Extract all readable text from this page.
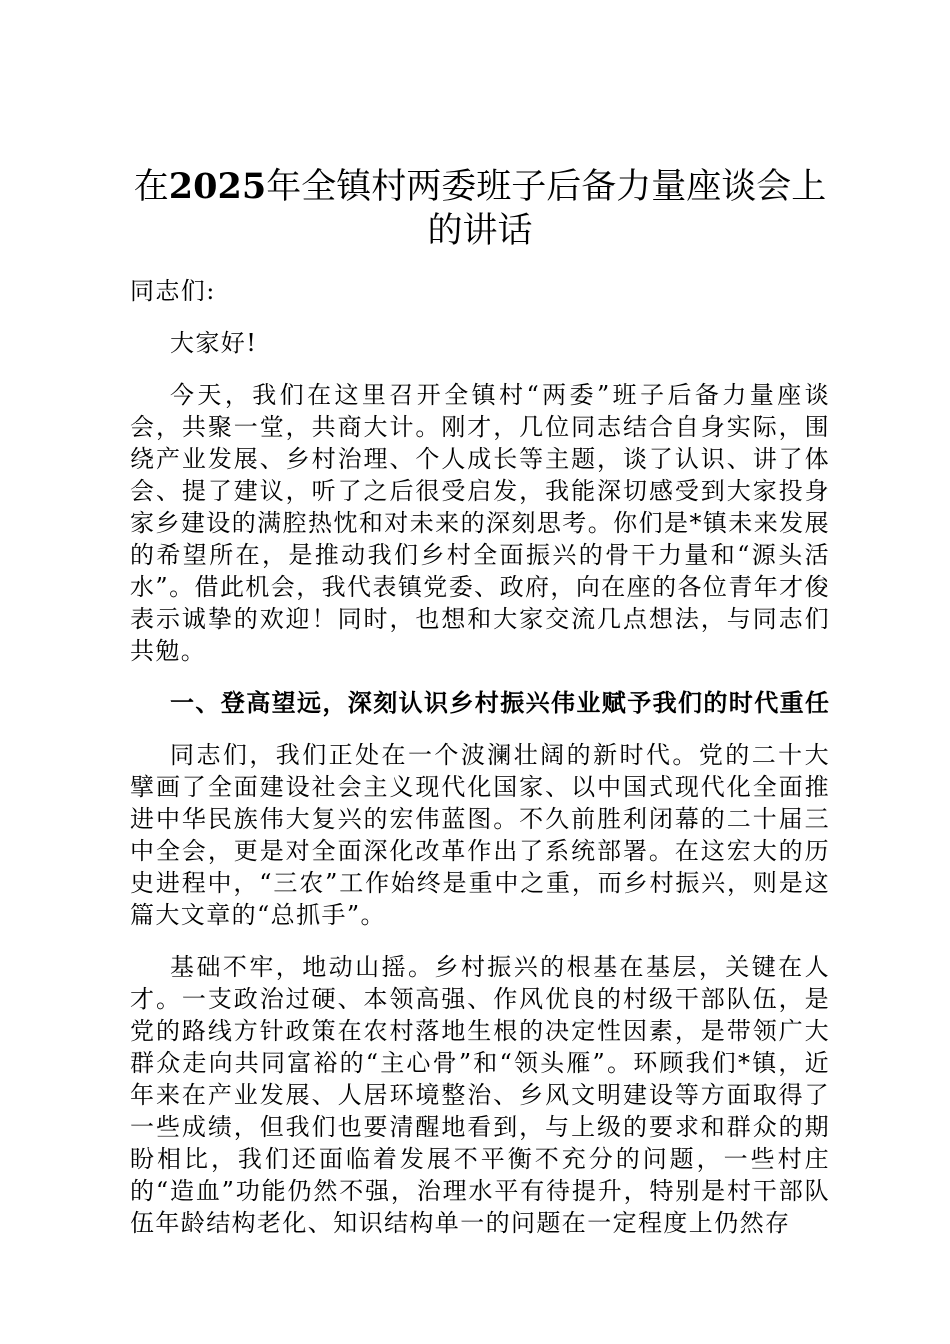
在2025年全镇村两委班子后备力量座谈会上的讲话

同志们:

大家好!

今天，我们在这里召开全镇村“两委”班子后备力量座谈会，共聚一堂，共商大计。刚才，几位同志结合自身实际，围绕产业发展、乡村治理、个人成长等主题，谈了认识、讲了体会、提了建议，听了之后很受启发，我能深切感受到大家投身家乡建设的满腔热忱和对未来的深刻思考。你们是*镇未来发展的希望所在，是推动我们乡村全面振兴的骨干力量和“源头活水”。借此机会，我代表镇党委、政府，向在座的各位青年才俊表示诚挚的欢迎！同时，也想和大家交流几点想法，与同志们共勉。

一、登高望远，深刻认识乡村振兴伟业赋予我们的时代重任

同志们，我们正处在一个波澜壮阔的新时代。党的二十大擘画了全面建设社会主义现代化国家、以中国式现代化全面推进中华民族伟大复兴的宏伟蓝图。不久前胜利闭幕的二十届三中全会，更是对全面深化改革作出了系统部署。在这宏大的历史进程中，“三农”工作始终是重中之重，而乡村振兴，则是这篇大文章的“总抓手”。

基础不牢，地动山摇。乡村振兴的根基在基层，关键在人才。一支政治过硬、本领高强、作风优良的村级干部队伍，是党的路线方针政策在农村落地生根的决定性因素，是带领广大群众走向共同富裕的“主心骨”和“领头雁”。环顾我们*镇，近年来在产业发展、人居环境整治、乡风文明建设等方面取得了一些成绩，但我们也要清醒地看到，与上级的要求和群众的期盼相比，我们还面临着发展不平衡不充分的问题，一些村庄的“造血”功能仍然不强，治理水平有待提升，特别是村干部队伍年龄结构老化、知识结构单一的问题在一定程度上仍然存
